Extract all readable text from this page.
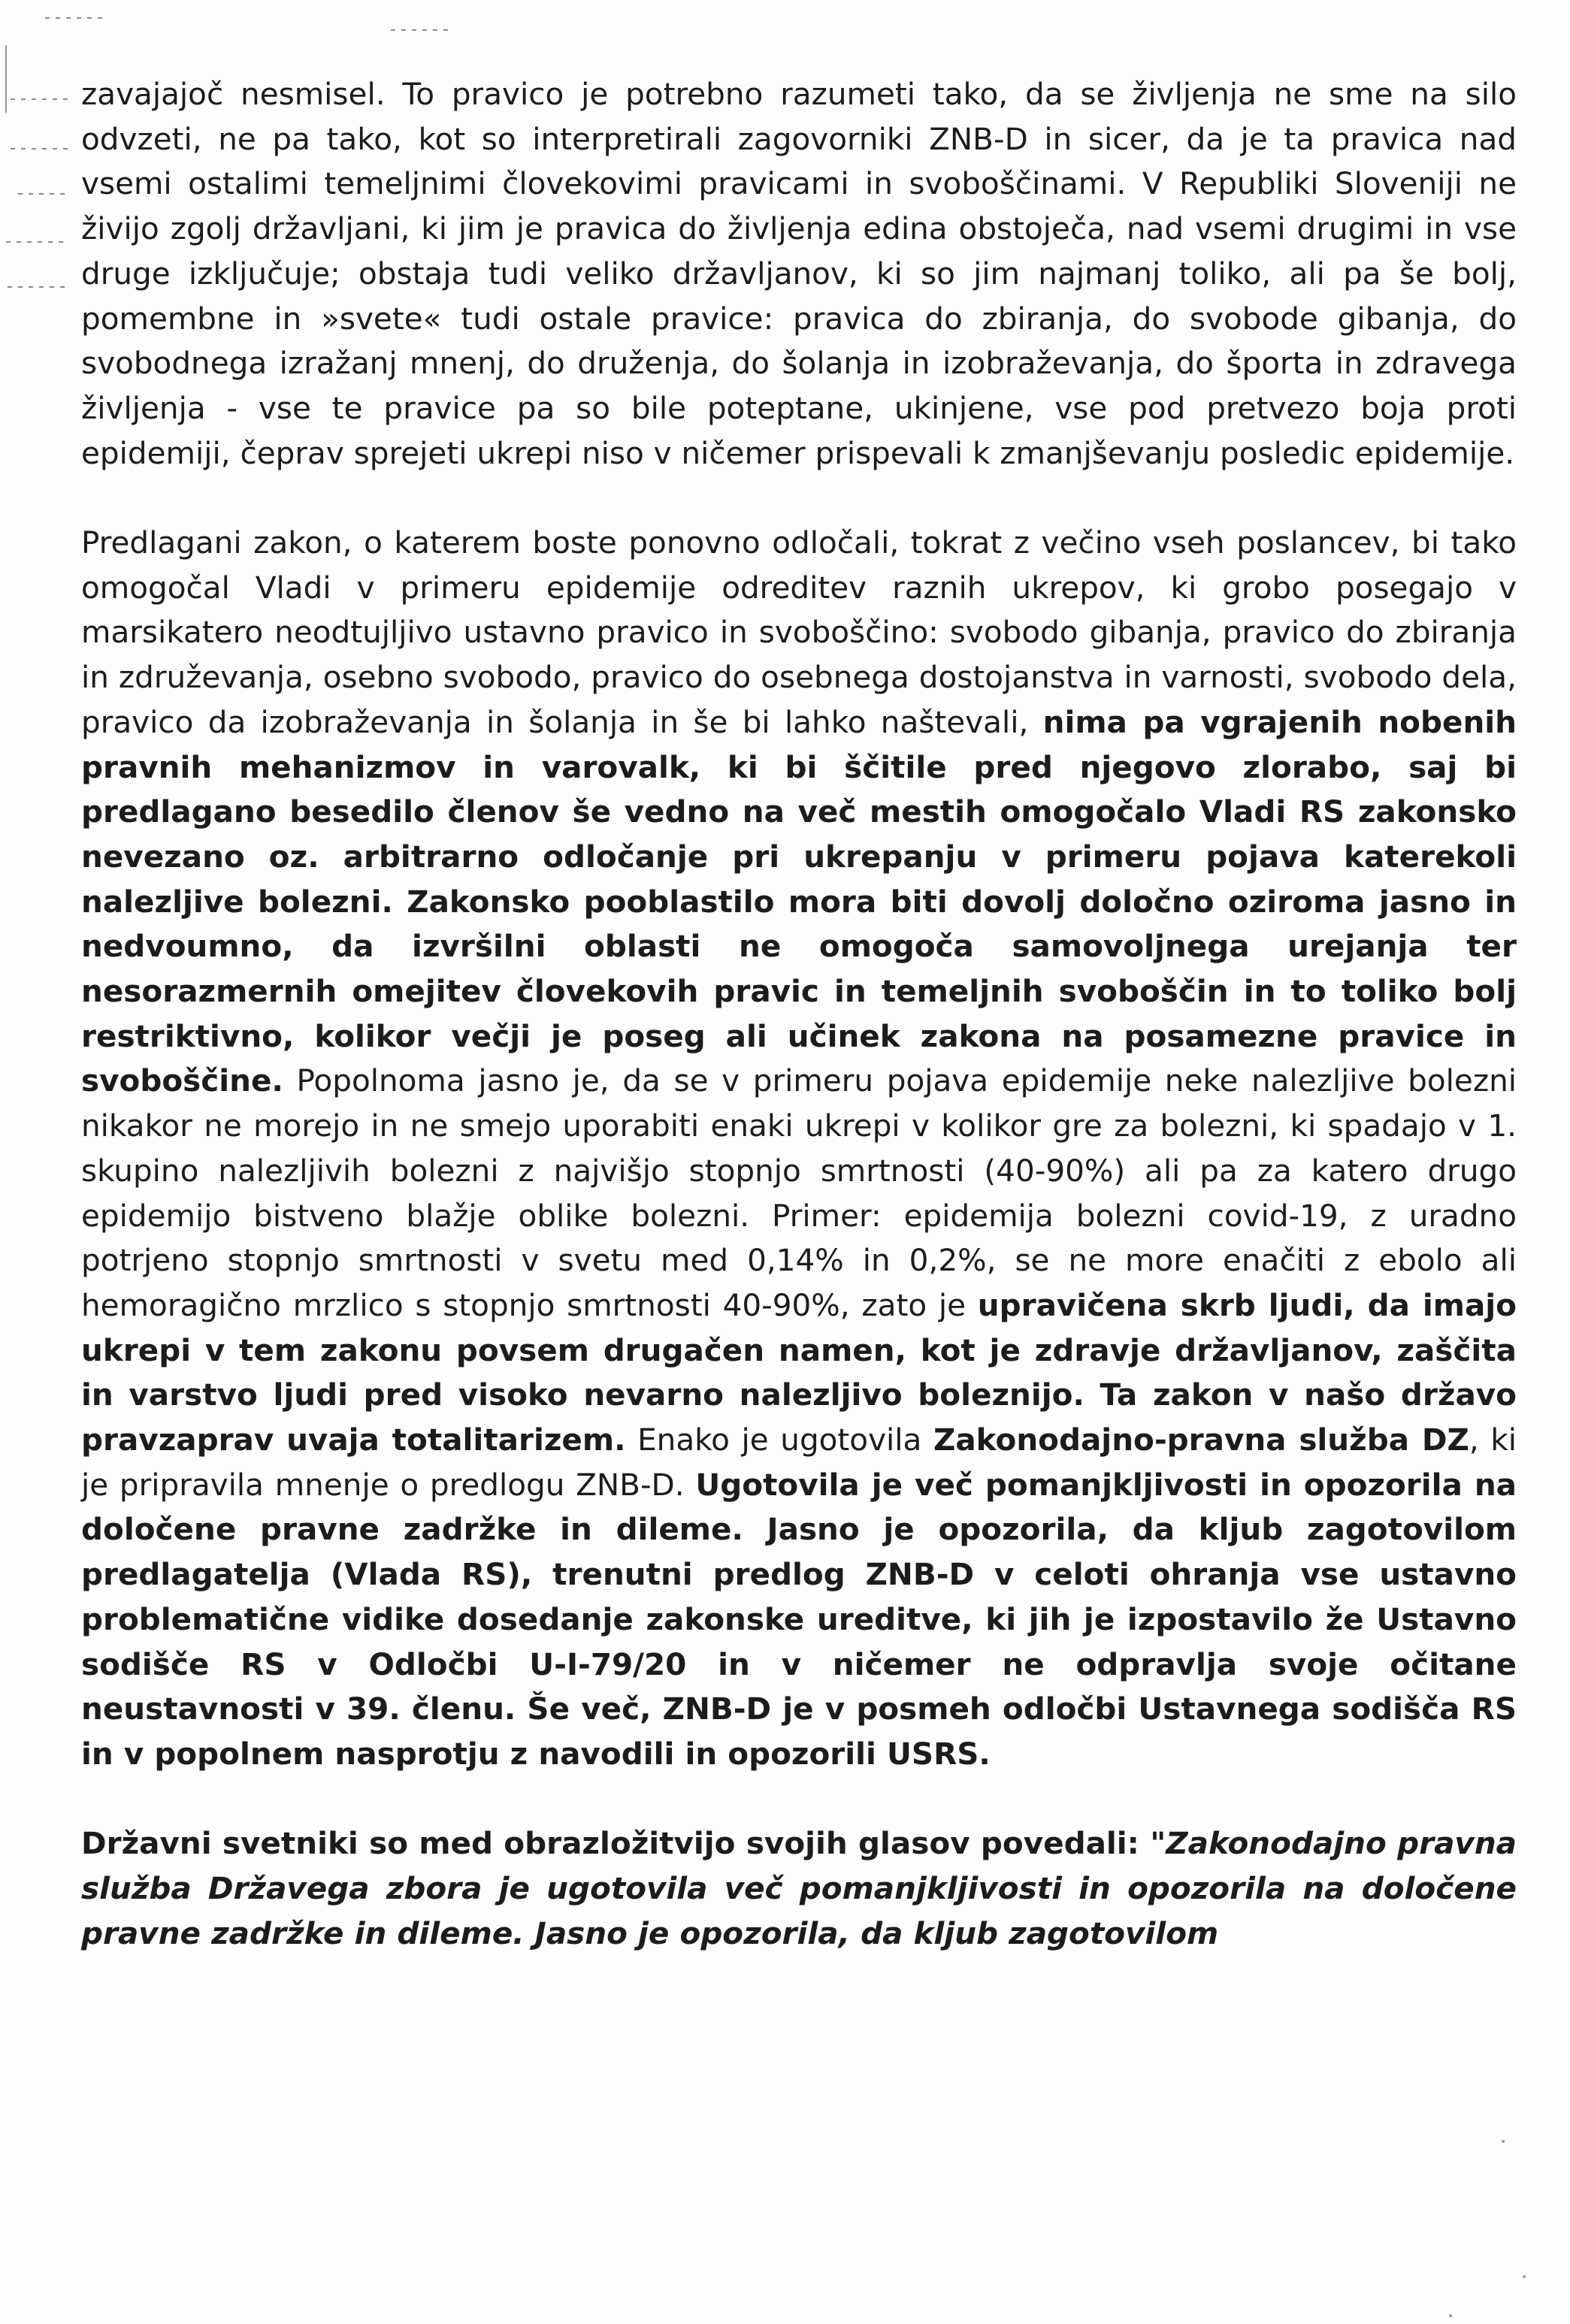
zavajajoč nesmisel. To pravico je potrebno razumeti tako, da se življenja ne sme na silo odvzeti, ne pa tako, kot so interpretirali zagovorniki ZNB-D in sicer, da je ta pravica nad vsemi ostalimi temeljnimi človekovimi pravicami in svoboščinami. V Republiki Sloveniji ne živijo zgolj državljani, ki jim je pravica do življenja edina obstoječa, nad vsemi drugimi in vse druge izključuje; obstaja tudi veliko državljanov, ki so jim najmanj toliko, ali pa še bolj, pomembne in »svete« tudi ostale pravice: pravica do zbiranja, do svobode gibanja, do svobodnega izražanj mnenj, do druženja, do šolanja in izobraževanja, do športa in zdravega življenja - vse te pravice pa so bile poteptane, ukinjene, vse pod pretvezo boja proti epidemiji, čeprav sprejeti ukrepi niso v ničemer prispevali k zmanjševanju posledic epidemije.

Predlagani zakon, o katerem boste ponovno odločali, tokrat z večino vseh poslancev, bi tako omogočal Vladi v primeru epidemije odreditev raznih ukrepov, ki grobo posegajo v marsikatero neodtujljivo ustavno pravico in svoboščino: svobodo gibanja, pravico do zbiranja in združevanja, osebno svobodo, pravico do osebnega dostojanstva in varnosti, svobodo dela, pravico da izobraževanja in šolanja in še bi lahko naštevali, nima pa vgrajenih nobenih pravnih mehanizmov in varovalk, ki bi ščitile pred njegovo zlorabo, saj bi predlagano besedilo členov še vedno na več mestih omogočalo Vladi RS zakonsko nevezano oz. arbitrarno odločanje pri ukrepanju v primeru pojava katerekoli nalezljive bolezni. Zakonsko pooblastilo mora biti dovolj določno oziroma jasno in nedvoumno, da izvršilni oblasti ne omogoča samovoljnega urejanja ter nesorazmernih omejitev človekovih pravic in temeljnih svoboščin in to toliko bolj restriktivno, kolikor večji je poseg ali učinek zakona na posamezne pravice in svoboščine. Popolnoma jasno je, da se v primeru pojava epidemije neke nalezljive bolezni nikakor ne morejo in ne smejo uporabiti enaki ukrepi v kolikor gre za bolezni, ki spadajo v 1. skupino nalezljivih bolezni z najvišjo stopnjo smrtnosti (40-90%) ali pa za katero drugo epidemijo bistveno blažje oblike bolezni. Primer: epidemija bolezni covid-19, z uradno potrjeno stopnjo smrtnosti v svetu med 0,14% in 0,2%, se ne more enačiti z ebolo ali hemoragično mrzlico s stopnjo smrtnosti 40-90%, zato je upravičena skrb ljudi, da imajo ukrepi v tem zakonu povsem drugačen namen, kot je zdravje državljanov, zaščita in varstvo ljudi pred visoko nevarno nalezljivo boleznijo. Ta zakon v našo državo pravzaprav uvaja totalitarizem. Enako je ugotovila Zakonodajno-pravna služba DZ, ki je pripravila mnenje o predlogu ZNB-D. Ugotovila je več pomanjkljivosti in opozorila na določene pravne zadržke in dileme. Jasno je opozorila, da kljub zagotovilom predlagatelja (Vlada RS), trenutni predlog ZNB-D v celoti ohranja vse ustavno problematične vidike dosedanje zakonske ureditve, ki jih je izpostavilo že Ustavno sodišče RS v Odločbi U-I-79/20 in v ničemer ne odpravlja svoje očitane neustavnosti v 39. členu. Še več, ZNB-D je v posmeh odločbi Ustavnega sodišča RS in v popolnem nasprotju z navodili in opozorili USRS.

Državni svetniki so med obrazložitvijo svojih glasov povedali: "Zakonodajno pravna služba Državega zbora je ugotovila več pomanjkljivosti in opozorila na določene pravne zadržke in dileme. Jasno je opozorila, da kljub zagotovilom
